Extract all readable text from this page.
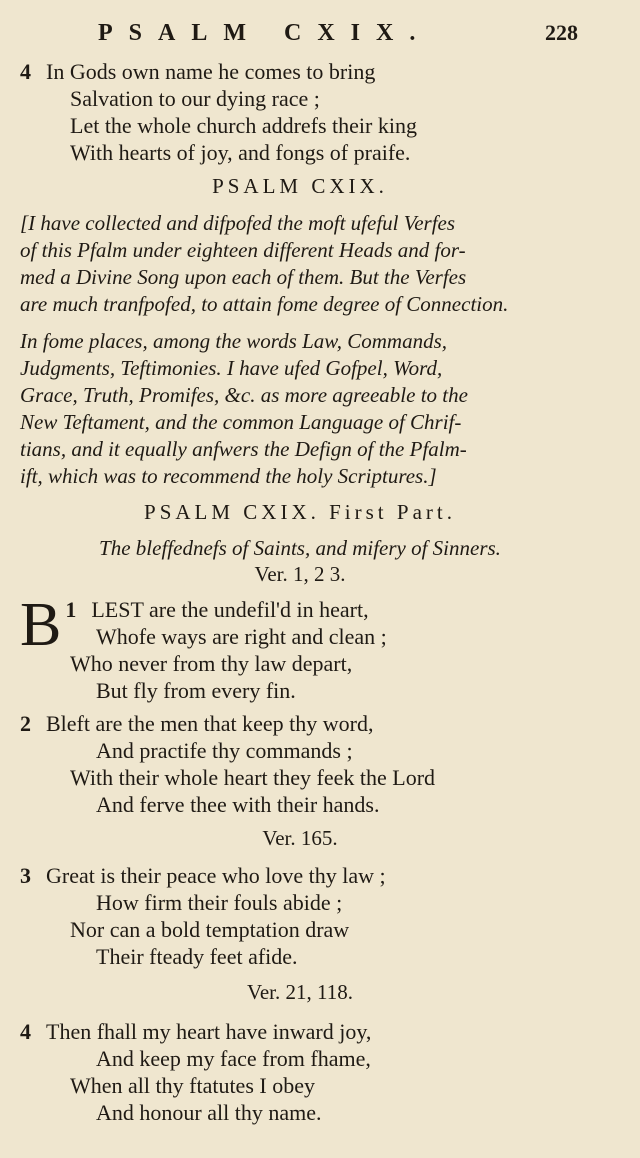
PSALM CXIX.	228
4 In Gods own name he comes to bring
Salvation to our dying race ;
Let the whole church addrefs their king
With hearts of joy, and fongs of praife.
PSALM CXIX.
[I have collected and difpofed the moft ufeful Verfes
of this Pfalm under eighteen different Heads and for-
med a Divine Song upon each of them. But the Verfes
are much tranfpofed, to attain fome degree of Connection.
In fome places, among the words Law, Commands,
Judgments, Teftimonies. I have ufed Gofpel, Word,
Grace, Truth, Promifes, &c. as more agreeable to the
New Teftament, and the common Language of Chrif-
tians, and it equally anfwers the Defign of the Pfalm-
ift, which was to recommend the holy Scriptures.]
PSALM CXIX. First Part.
The bleffednefs of Saints, and mifery of Sinners.
Ver. 1, 2 3.
1
B LEST are the undefil'd in heart,
Whofe ways are right and clean ;
Who never from thy law depart,
But fly from every fin.
2 Bleft are the men that keep thy word,
And practife thy commands ;
With their whole heart they feek the Lord
And ferve thee with their hands.
Ver. 165.
3 Great is their peace who love thy law ;
How firm their fouls abide ;
Nor can a bold temptation draw
Their fteady feet afide.
Ver. 21, 118.
4 Then fhall my heart have inward joy,
And keep my face from fhame,
When all thy ftatutes I obey
And honour all thy name.
